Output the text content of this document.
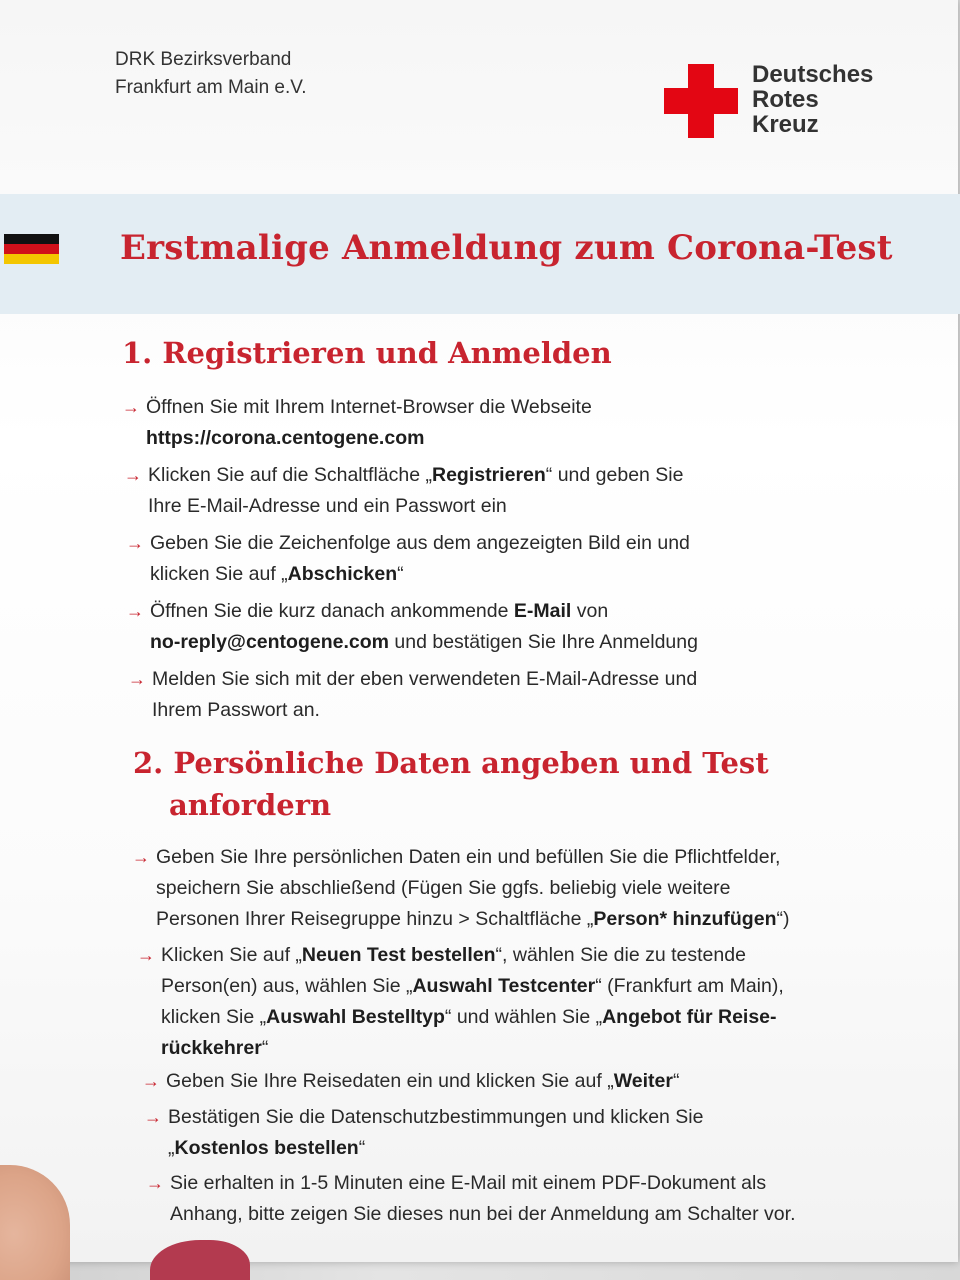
DRK Bezirksverband
Frankfurt am Main e.V.	Deutsches
Rotes
Kreuz
Erstmalige Anmeldung zum Corona-Test
1. Registrieren und Anmelden
→ Öffnen Sie mit Ihrem Internet-Browser die Webseite
https://corona.centogene.com
→ Klicken Sie auf die Schaltfläche „Registrieren“ und geben Sie
Ihre E-Mail-Adresse und ein Passwort ein
→ Geben Sie die Zeichenfolge aus dem angezeigten Bild ein und
klicken Sie auf „Abschicken“
→ Öffnen Sie die kurz danach ankommende E-Mail von
no-reply@centogene.com und bestätigen Sie Ihre Anmeldung
→ Melden Sie sich mit der eben verwendeten E-Mail-Adresse und
Ihrem Passwort an.
2. Persönliche Daten angeben und Test
anfordern
→ Geben Sie Ihre persönlichen Daten ein und befüllen Sie die Pflichtfelder,
speichern Sie abschließend (Fügen Sie ggfs. beliebig viele weitere
Personen Ihrer Reisegruppe hinzu > Schaltfläche „Person* hinzufügen“)
→ Klicken Sie auf „Neuen Test bestellen“, wählen Sie die zu testende
Person(en) aus, wählen Sie „Auswahl Testcenter“ (Frankfurt am Main),
klicken Sie „Auswahl Bestelltyp“ und wählen Sie „Angebot für Reise-
rückkehrer“
→ Geben Sie Ihre Reisedaten ein und klicken Sie auf „Weiter“
→ Bestätigen Sie die Datenschutzbestimmungen und klicken Sie
„Kostenlos bestellen“
→ Sie erhalten in 1-5 Minuten eine E-Mail mit einem PDF-Dokument als
Anhang, bitte zeigen Sie dieses nun bei der Anmeldung am Schalter vor.
